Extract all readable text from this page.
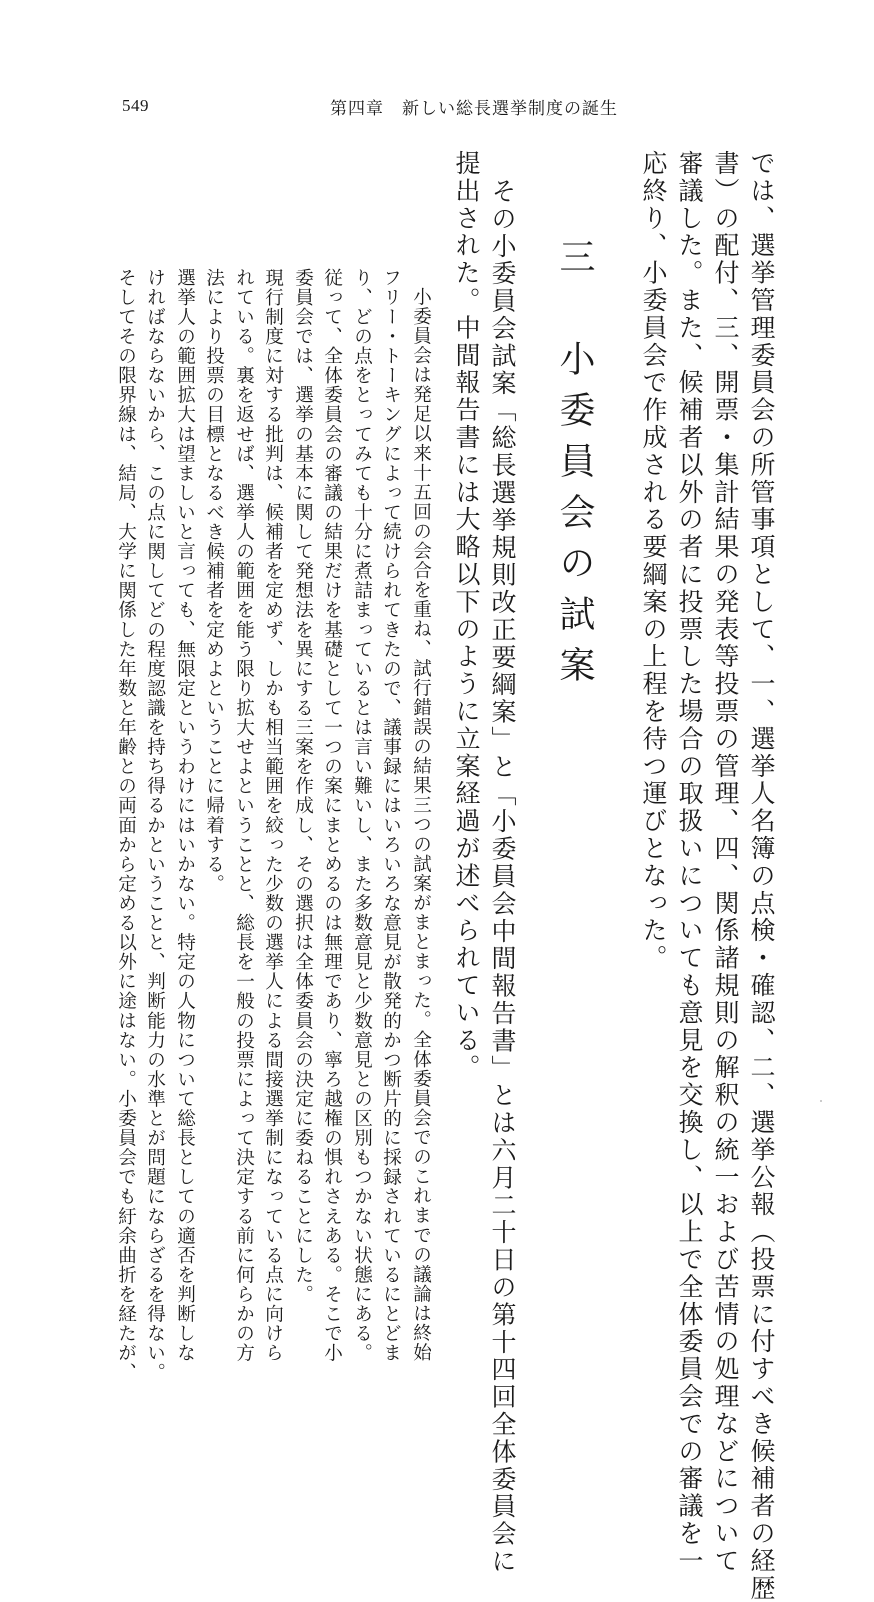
549	第四章　新しい総長選挙制度の誕生
では、選挙管理委員会の所管事項として、一、選挙人名簿の点検・確認、二、選挙公報（投票に付すべき候補者の経歴
書）の配付、三、開票・集計結果の発表等投票の管理、四、関係諸規則の解釈の統一および苦情の処理などについて
審議した。また、候補者以外の者に投票した場合の取扱いについても意見を交換し、以上で全体委員会での審議を一
応終り、小委員会で作成される要綱案の上程を待つ運びとなった。
三　小委員会の試案
その小委員会試案「総長選挙規則改正要綱案」と「小委員会中間報告書」とは六月二十日の第十四回全体委員会に
提出された。中間報告書には大略以下のように立案経過が述べられている。
小委員会は発足以来十五回の会合を重ね、試行錯誤の結果三つの試案がまとまった。全体委員会でのこれまでの議論は終始
フリー・トーキングによって続けられてきたので、議事録にはいろいろな意見が散発的かつ断片的に採録されているにとどま
り、どの点をとってみても十分に煮詰まっているとは言い難いし、また多数意見と少数意見との区別もつかない状態にある。
従って、全体委員会の審議の結果だけを基礎として一つの案にまとめるのは無理であり、寧ろ越権の惧れさえある。そこで小
委員会では、選挙の基本に関して発想法を異にする三案を作成し、その選択は全体委員会の決定に委ねることにした。
現行制度に対する批判は、候補者を定めず、しかも相当範囲を絞った少数の選挙人による間接選挙制になっている点に向けら
れている。裏を返せば、選挙人の範囲を能う限り拡大せよということと、総長を一般の投票によって決定する前に何らかの方
法により投票の目標となるべき候補者を定めよということに帰着する。
選挙人の範囲拡大は望ましいと言っても、無限定というわけにはいかない。特定の人物について総長としての適否を判断しな
ければならないから、この点に関してどの程度認識を持ち得るかということと、判断能力の水準とが問題にならざるを得ない。
そしてその限界線は、結局、大学に関係した年数と年齢との両面から定める以外に途はない。小委員会でも紆余曲折を経たが、
